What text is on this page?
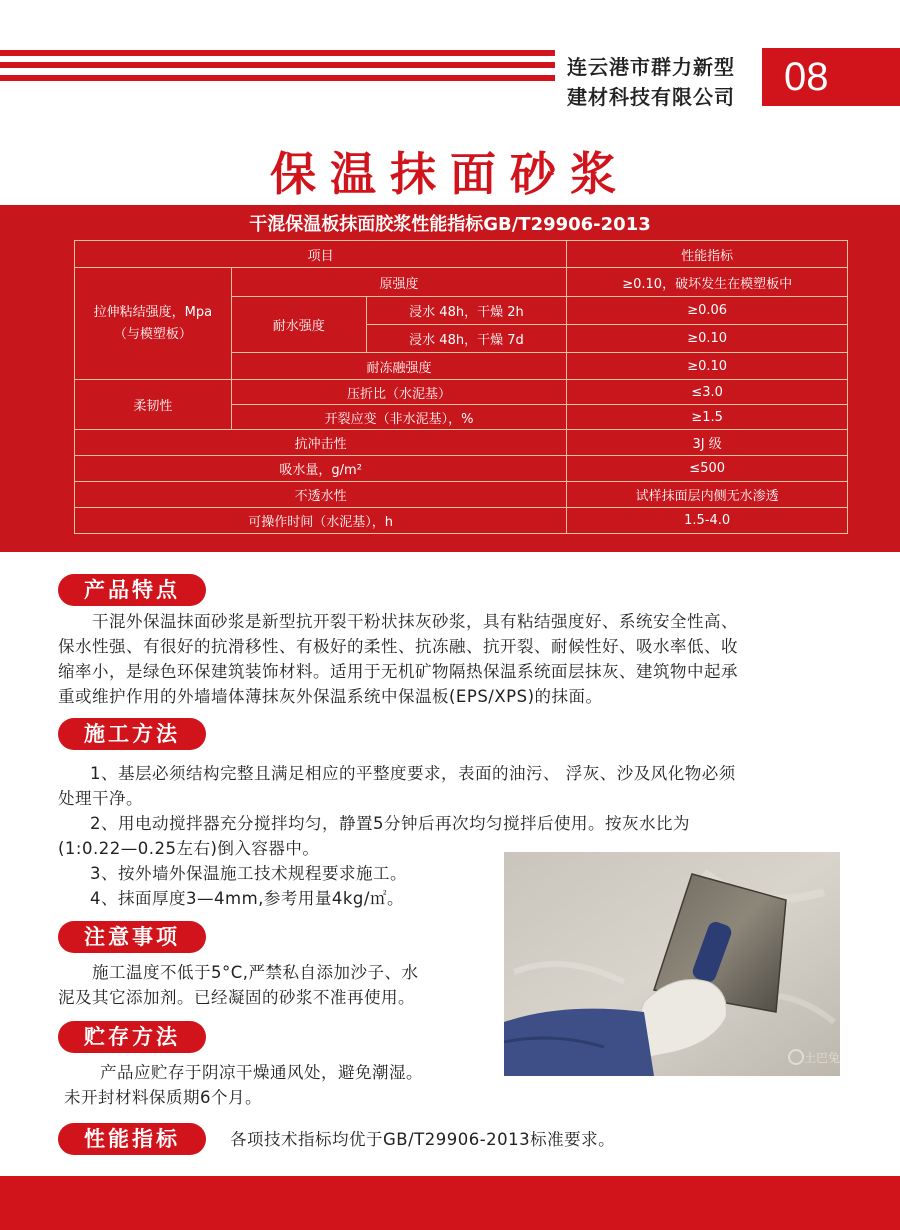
连云港市群力新型
建材科技有限公司	08
保温抹面砂浆
干混保温板抹面胶浆性能指标GB/T29906-2013
项目			性能指标

拉伸粘结强度，Mpa
（与模塑板）	原强度		≥0.10，破坏发生在模塑板中
	耐水强度	浸水 48h，干燥 2h	≥0.06
		浸水 48h，干燥 7d	≥0.10
	耐冻融强度		≥0.10
柔韧性	压折比（水泥基）		≤3.0
	开裂应变（非水泥基），%		≥1.5
抗冲击性			3J 级
吸水量，g/m²			≤500
不透水性			试样抹面层内侧无水渗透
可操作时间（水泥基），h			1.5-4.0
产品特点
干混外保温抹面砂浆是新型抗开裂干粉状抹灰砂浆，具有粘结强度好、系统安全性高、
保水性强、有很好的抗滑移性、有极好的柔性、抗冻融、抗开裂、耐候性好、吸水率低、收
缩率小，是绿色环保建筑装饰材料。适用于无机矿物隔热保温系统面层抹灰、建筑物中起承
重或维护作用的外墙墙体薄抹灰外保温系统中保温板(EPS/XPS)的抹面。
施工方法
1、基层必须结构完整且满足相应的平整度要求，表面的油污、 浮灰、沙及风化物必须
处理干净。
2、用电动搅拌器充分搅拌均匀，静置5分钟后再次均匀搅拌后使用。按灰水比为
(1:0.22—0.25左右)倒入容器中。
3、按外墙外保温施工技术规程要求施工。
4、抹面厚度3—4mm,参考用量4kg/㎡。
注意事项
施工温度不低于5°C,严禁私自添加沙子、水
泥及其它添加剂。已经凝固的砂浆不准再使用。
贮存方法
产品应贮存于阴凉干燥通风处，避免潮湿。
未开封材料保质期6个月。
性能指标	各项技术指标均优于GB/T29906-2013标准要求。
土巴兔
